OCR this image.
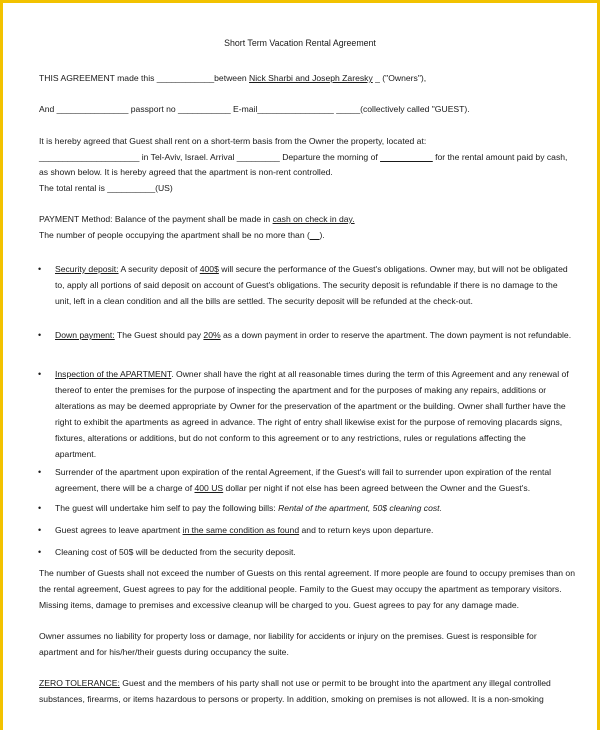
Short Term Vacation Rental Agreement
THIS AGREEMENT made this ____________between Nick Sharbi and Joseph Zaresky _ ("Owners"),
And _______________ passport no ___________ E-mail________________ _____(collectively called "GUEST).
It is hereby agreed that Guest shall rent on a short-term basis from the Owner the property, located at:
_____________________ in Tel-Aviv, Israel. Arrival _________ Departure the morning of ___________ for the rental amount paid by cash,
as shown below. It is hereby agreed that the apartment is non-rent controlled.
The total rental is __________(US)
PAYMENT Method: Balance of the payment shall be made in cash on check in day.
The number of people occupying the apartment shall be no more than (__).
• Security deposit: A security deposit of 400$ will secure the performance of the Guest's obligations. Owner may, but will not be obligated
to, apply all portions of said deposit on account of Guest's obligations. The security deposit is refundable if there is no damage to the
unit, left in a clean condition and all the bills are settled. The security deposit will be refunded at the check-out.
• Down payment: The Guest should pay 20% as a down payment in order to reserve the apartment. The down payment is not refundable.
• Inspection of the APARTMENT. Owner shall have the right at all reasonable times during the term of this Agreement and any renewal of
thereof to enter the premises for the purpose of inspecting the apartment and for the purposes of making any repairs, additions or
alterations as may be deemed appropriate by Owner for the preservation of the apartment or the building. Owner shall further have the
right to exhibit the apartments as agreed in advance. The right of entry shall likewise exist for the purpose of removing placards signs,
fixtures, alterations or additions, but do not conform to this agreement or to any restrictions, rules or regulations affecting the
apartment.
• Surrender of the apartment upon expiration of the rental Agreement, if the Guest's will fail to surrender upon expiration of the rental
agreement, there will be a charge of 400 US dollar per night if not else has been agreed between the Owner and the Guest's.
• The guest will undertake him self to pay the following bills: Rental of the apartment, 50$ cleaning cost.
• Guest agrees to leave apartment in the same condition as found and to return keys upon departure.
• Cleaning cost of 50$ will be deducted from the security deposit.
The number of Guests shall not exceed the number of Guests on this rental agreement. If more people are found to occupy premises than on
the rental agreement, Guest agrees to pay for the additional people. Family to the Guest may occupy the apartment as temporary visitors.
Missing items, damage to premises and excessive cleanup will be charged to you. Guest agrees to pay for any damage made.
Owner assumes no liability for property loss or damage, nor liability for accidents or injury on the premises. Guest is responsible for
apartment and for his/her/their guests during occupancy the suite.
ZERO TOLERANCE: Guest and the members of his party shall not use or permit to be brought into the apartment any illegal controlled
substances, firearms, or items hazardous to persons or property. In addition, smoking on premises is not allowed. It is a non-smoking
